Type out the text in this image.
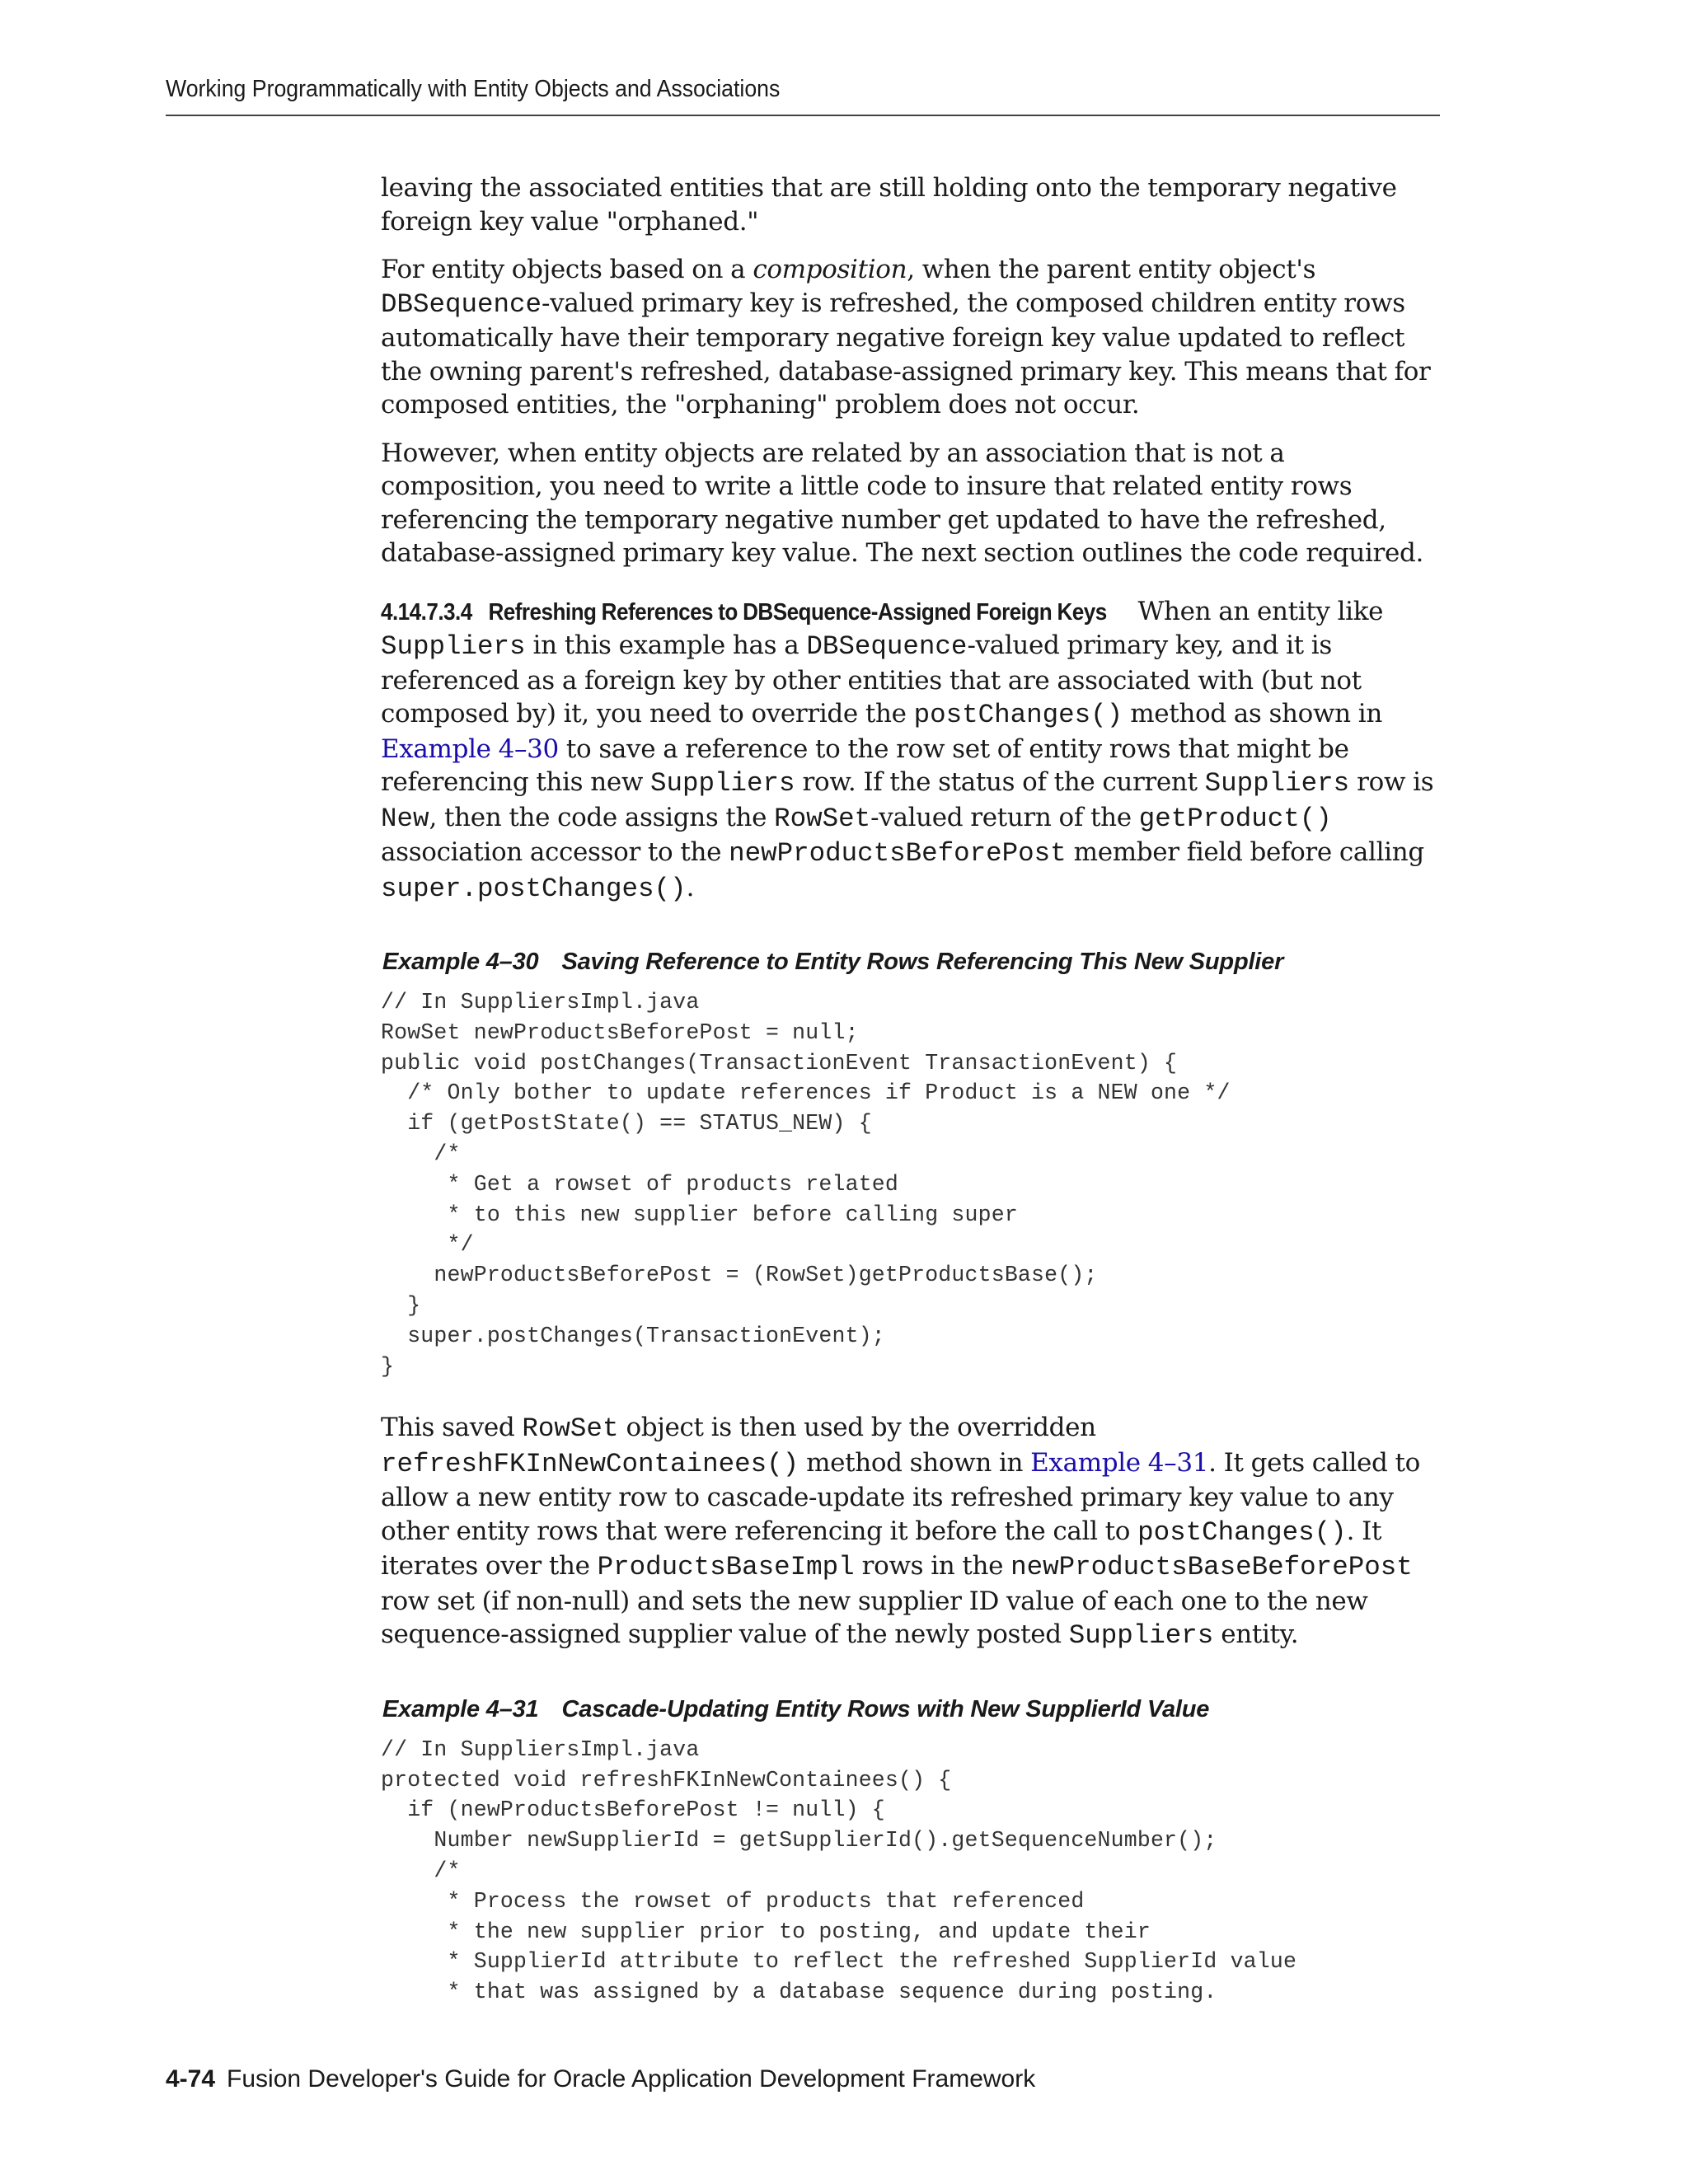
Working Programmatically with Entity Objects and Associations

leaving the associated entities that are still holding onto the temporary negative foreign key value "orphaned."

For entity objects based on a composition, when the parent entity object's DBSequence-valued primary key is refreshed, the composed children entity rows automatically have their temporary negative foreign key value updated to reflect the owning parent's refreshed, database-assigned primary key. This means that for composed entities, the "orphaning" problem does not occur.

However, when entity objects are related by an association that is not a composition, you need to write a little code to insure that related entity rows referencing the temporary negative number get updated to have the refreshed, database-assigned primary key value. The next section outlines the code required.

4.14.7.3.4 Refreshing References to DBSequence-Assigned Foreign Keys When an entity like Suppliers in this example has a DBSequence-valued primary key, and it is referenced as a foreign key by other entities that are associated with (but not composed by) it, you need to override the postChanges() method as shown in Example 4–30 to save a reference to the row set of entity rows that might be referencing this new Suppliers row. If the status of the current Suppliers row is New, then the code assigns the RowSet-valued return of the getProduct() association accessor to the newProductsBeforePost member field before calling super.postChanges().

Example 4–30 Saving Reference to Entity Rows Referencing This New Supplier
// In SuppliersImpl.java
RowSet newProductsBeforePost = null;
public void postChanges(TransactionEvent TransactionEvent) {
/* Only bother to update references if Product is a NEW one */
if (getPostState() == STATUS_NEW) {
/*
* Get a rowset of products related
* to this new supplier before calling super
*/
newProductsBeforePost = (RowSet)getProductsBase();
}
super.postChanges(TransactionEvent);
}

This saved RowSet object is then used by the overridden refreshFKInNewContainees() method shown in Example 4–31. It gets called to allow a new entity row to cascade-update its refreshed primary key value to any other entity rows that were referencing it before the call to postChanges(). It iterates over the ProductsBaseImpl rows in the newProductsBaseBeforePost row set (if non-null) and sets the new supplier ID value of each one to the new sequence-assigned supplier value of the newly posted Suppliers entity.

Example 4–31 Cascade-Updating Entity Rows with New SupplierId Value
// In SuppliersImpl.java
protected void refreshFKInNewContainees() {
if (newProductsBeforePost != null) {
Number newSupplierId = getSupplierId().getSequenceNumber();
/*
* Process the rowset of products that referenced
* the new supplier prior to posting, and update their
* SupplierId attribute to reflect the refreshed SupplierId value
* that was assigned by a database sequence during posting.
4-74 Fusion Developer's Guide for Oracle Application Development Framework
